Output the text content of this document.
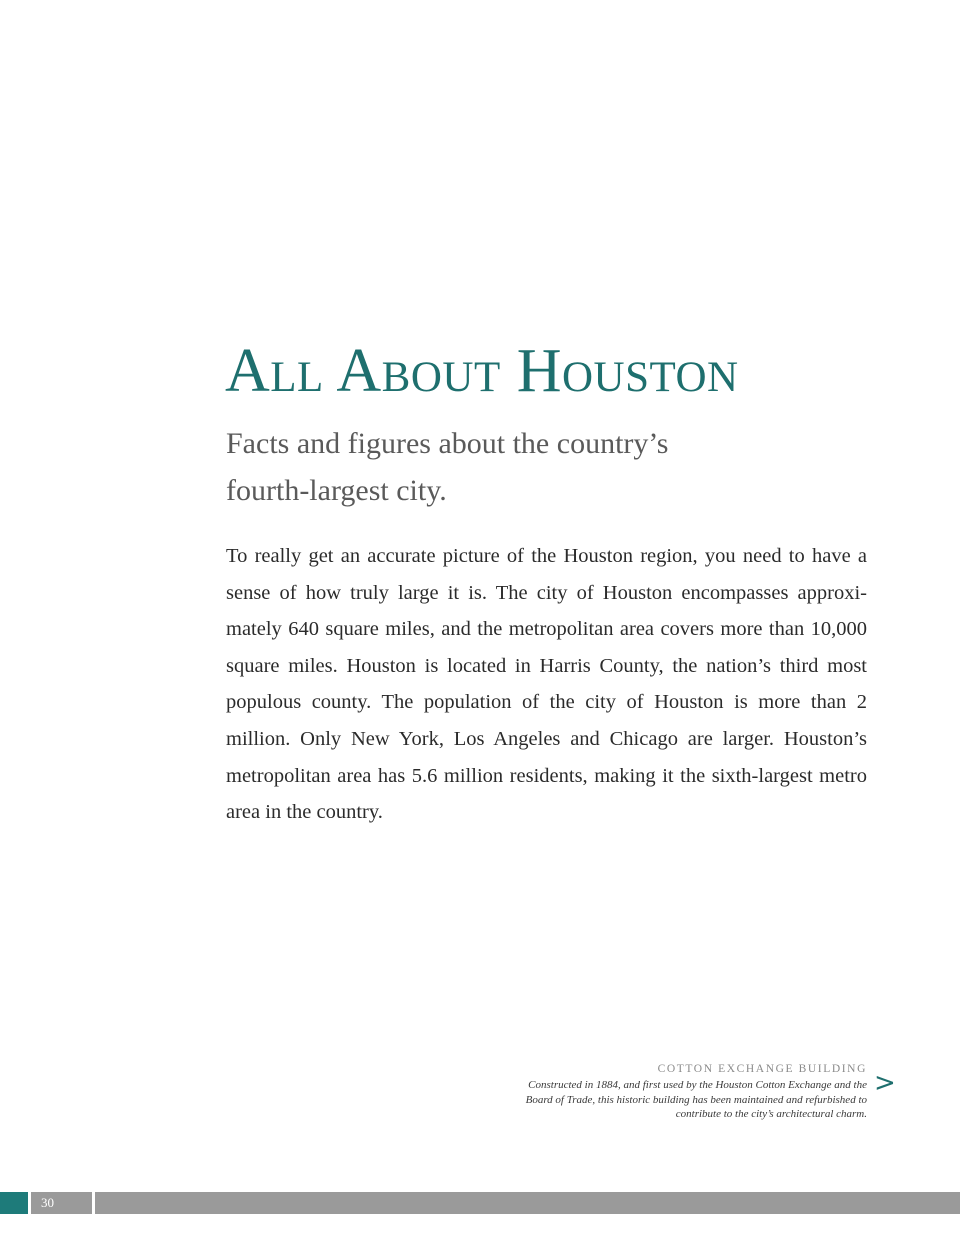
All About Houston
Facts and figures about the country’s fourth-largest city.

To really get an accurate picture of the Houston region, you need to have a sense of how truly large it is. The city of Houston encompasses approximately 640 square miles, and the metropolitan area covers more than 10,000 square miles. Houston is located in Harris County, the nation’s third most populous county. The population of the city of Houston is more than 2 million. Only New York, Los Angeles and Chicago are larger. Houston’s metropolitan area has 5.6 million residents, making it the sixth-largest metro area in the country.

COTTON EXCHANGE BUILDING
Constructed in 1884, and first used by the Houston Cotton Exchange and the Board of Trade, this historic building has been maintained and refurbished to contribute to the city’s architectural charm.
>
30
